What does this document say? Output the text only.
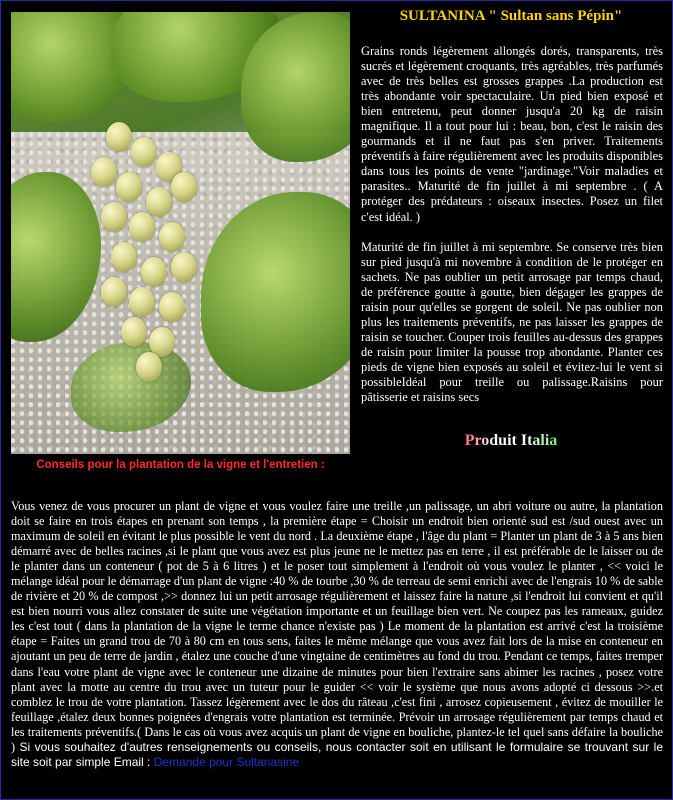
SULTANINA " Sultan sans Pépin"

Grains ronds légèrement allongés dorés, transparents, très sucrés et légèrement croquants, très agréables, très parfumés avec de très belles est grosses grappes .La production est très abondante voir spectaculaire. Un pied bien exposé et bien entretenu, peut donner jusqu'a 20 kg de raisin magnifique. Il a tout pour lui : beau, bon, c'est le raisin des gourmands et il ne faut pas s'en priver. Traitements préventifs à faire régulièrement avec les produits disponibles dans tous les points de vente "jardinage."Voir maladies et parasites.. Maturité de fin juillet à mi septembre . ( A protéger des prédateurs : oiseaux insectes. Posez un filet c'est idéal. )

Maturité de fin juillet à mi septembre. Se conserve très bien sur pied jusqu'à mi novembre à condition de le protéger en sachets. Ne pas oublier un petit arrosage par temps chaud, de préférence goutte à goutte, bien dégager les grappes de raisin pour qu'elles se gorgent de soleil. Ne pas oublier non plus les traitements préventifs, ne pas laisser les grappes de raisin se toucher. Couper trois feuilles au-dessus des grappes de raisin pour limiter la pousse trop abondante. Planter ces pieds de vigne bien exposés au soleil et évitez-lui le vent si possibleIdéal pour treille ou palissage.Raisins pour pâtisserie et raisins secs

Produit Italia
Conseils pour la plantation de la vigne et l'entretien :
Vous venez de vous procurer un plant de vigne et vous voulez faire une treille ,un palissage, un abri voiture ou autre, la plantation doit se faire en trois étapes en prenant son temps , la première étape = Choisir un endroit bien orienté sud est /sud ouest avec un maximum de soleil en évitant le plus possible le vent du nord . La deuxième étape , l'âge du plant = Planter un plant de 3 à 5 ans bien démarré avec de belles racines ,si le plant que vous avez est plus jeune ne le mettez pas en terre , il est préférable de le laisser ou de le planter dans un conteneur ( pot de 5 à 6 litres ) et le poser tout simplement à l'endroit où vous voulez le planter , << voici le mélange idéal pour le démarrage d'un plant de vigne :40 % de tourbe ,30 % de terreau de semi enrichi avec de l'engrais 10 % de sable de rivière et 20 % de compost ,>> donnez lui un petit arrosage régulièrement et laissez faire la nature ,si l'endroit lui convient et qu'il est bien nourri vous allez constater de suite une végétation importante et un feuillage bien vert. Ne coupez pas les rameaux, guidez les c'est tout ( dans la plantation de la vigne le terme chance n'existe pas ) Le moment de la plantation est arrivé c'est la troisième étape = Faites un grand trou de 70 à 80 cm en tous sens, faites le même mélange que vous avez fait lors de la mise en conteneur en ajoutant un peu de terre de jardin , étalez une couche d'une vingtaine de centimètres au fond du trou. Pendant ce temps, faites tremper dans l'eau votre plant de vigne avec le conteneur une dizaine de minutes pour bien l'extraire sans abimer les racines , posez votre plant avec la motte au centre du trou avec un tuteur pour le guider << voir le système que nous avons adopté ci dessous >>.et comblez le trou de votre plantation. Tassez légèrement avec le dos du râteau ,c'est fini , arrosez copieusement , évitez de mouiller le feuillage ,étalez deux bonnes poignées d'engrais votre plantation est terminée. Prévoir un arrosage régulièrement par temps chaud et les traitements préventifs.( Dans le cas où vous avez acquis un plant de vigne en bouliche, plantez-le tel quel sans défaire la bouliche ) Si vous souhaitez d'autres renseignements ou conseils, nous contacter soit en utilisant le formulaire se trouvant sur le site soit par simple Email : Demande pour Sultanasine
